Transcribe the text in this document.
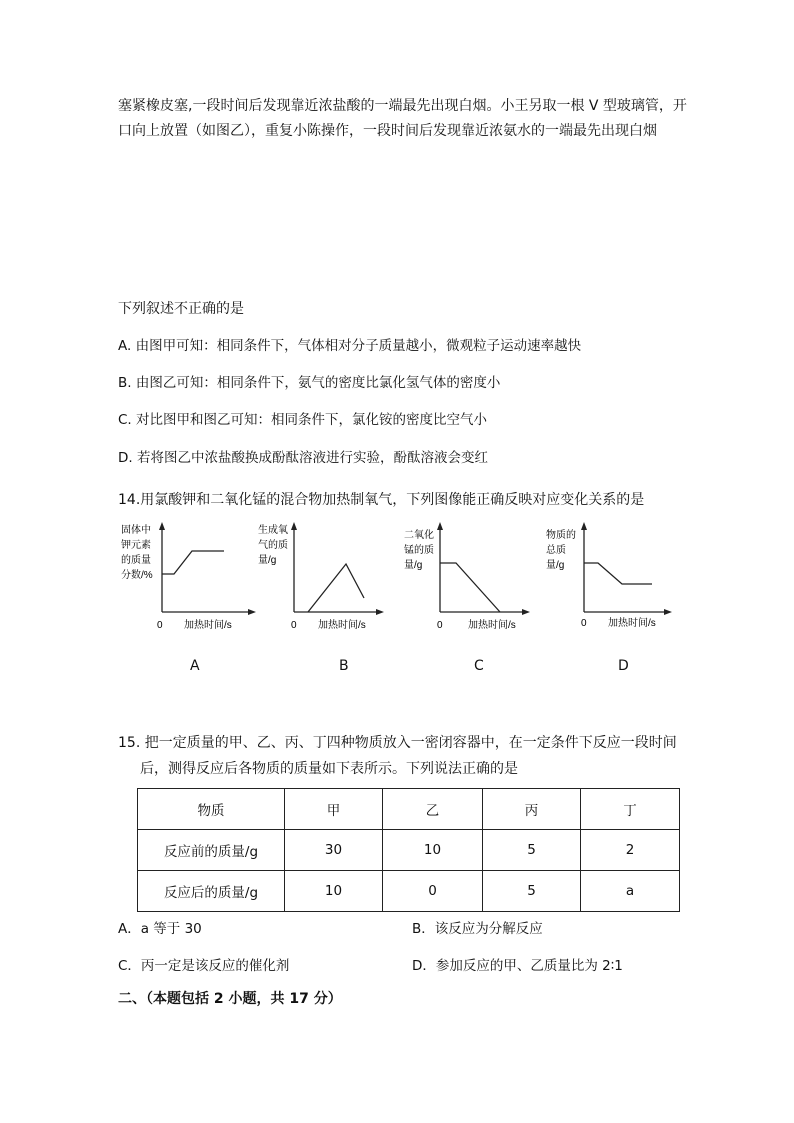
塞紧橡皮塞,一段时间后发现靠近浓盐酸的一端最先出现白烟。小王另取一根 V 型玻璃管，开
口向上放置（如图乙），重复小陈操作，一段时间后发现靠近浓氨水的一端最先出现白烟
下列叙述不正确的是
A. 由图甲可知：相同条件下，气体相对分子质量越小，微观粒子运动速率越快
B. 由图乙可知：相同条件下，氨气的密度比氯化氢气体的密度小
C. 对比图甲和图乙可知：相同条件下，氯化铵的密度比空气小
D. 若将图乙中浓盐酸换成酚酞溶液进行实验，酚酞溶液会变红
14.用氯酸钾和二氧化锰的混合物加热制氧气，下列图像能正确反映对应变化关系的是
固体中
钾元素
的质量
分数/%
0 加热时间/s
生成氧
气的质
量/g
0 加热时间/s
二氧化
锰的质
量/g
0	加热时间/s
物质的
总质
量/g
0 加热时间/s
A	B	C	D
15. 把一定质量的甲、乙、丙、丁四种物质放入一密闭容器中，在一定条件下反应一段时间
后，测得反应后各物质的质量如下表所示。下列说法正确的是
物质	甲	乙	丙	丁
反应前的质量/g	30	10	5	2
反应后的质量/g	10	0	5	a
A．a 等于 30	B．该反应为分解反应
C．丙一定是该反应的催化剂	D．参加反应的甲、乙质量比为 2∶1
二、（本题包括 2 小题，共 17 分）
